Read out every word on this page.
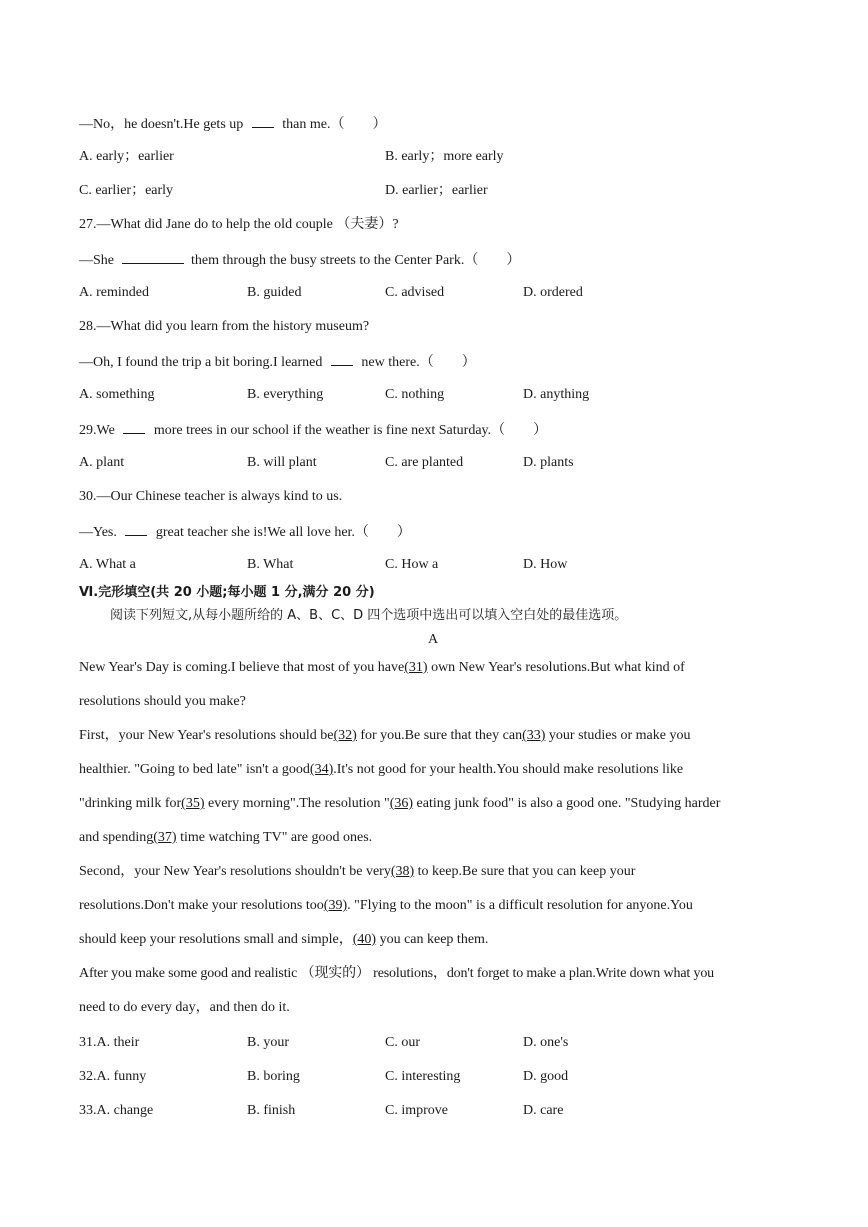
—No，he doesn't.He gets up	than me.（　　）
A. early；earlier	B. early；more early
C. earlier；early	D. earlier；earlier
27.—What did Jane do to help the old couple （夫妻）?
—She	them through the busy streets to the Center Park.（　　）
A. reminded	B. guided	C. advised	D. ordered
28.—What did you learn from the history museum?
—Oh, I found the trip a bit boring.I learned	new there.（　　）
A. something	B. everything	C. nothing	D. anything
29.We	more trees in our school if the weather is fine next Saturday.（　　）
A. plant	B. will plant	C. are planted	D. plants
30.—Our Chinese teacher is always kind to us.
—Yes.	great teacher she is!We all love her.（　　）
A. What a	B. What	C. How a	D. How
Ⅵ.完形填空(共 20 小题;每小题 1 分,满分 20 分)
阅读下列短文,从每小题所给的 A、B、C、D 四个选项中选出可以填入空白处的最佳选项。
A
New Year's Day is coming.I believe that most of you have(31) own New Year's resolutions.But what kind of
resolutions should you make?
First，your New Year's resolutions should be(32) for you.Be sure that they can(33) your studies or make you
healthier. "Going to bed late" isn't a good(34).It's not good for your health.You should make resolutions like
"drinking milk for(35) every morning".The resolution "(36) eating junk food" is also a good one. "Studying harder
and spending(37) time watching TV" are good ones.
Second，your New Year's resolutions shouldn't be very(38) to keep.Be sure that you can keep your
resolutions.Don't make your resolutions too(39). "Flying to the moon" is a difficult resolution for anyone.You
should keep your resolutions small and simple，(40) you can keep them.
After you make some good and realistic （现实的） resolutions，don't forget to make a plan.Write down what you
need to do every day，and then do it.
31.A. their	B. your	C. our	D. one's
32.A. funny	B. boring	C. interesting	D. good
33.A. change	B. finish	C. improve	D. care
